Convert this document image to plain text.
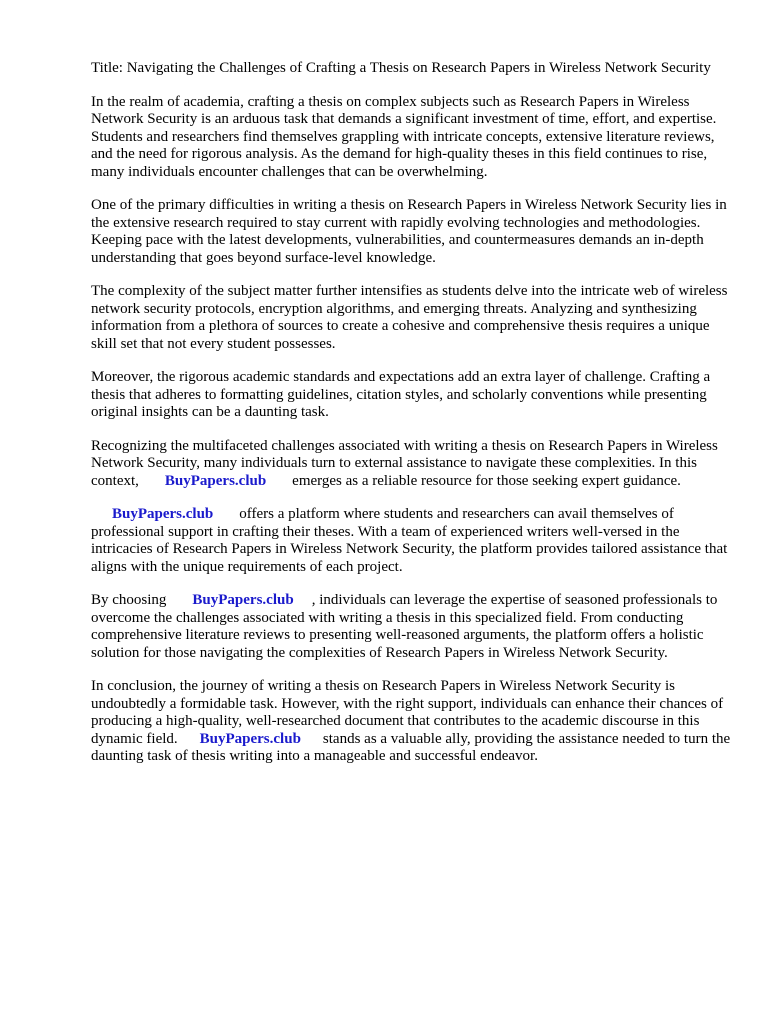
Title: Navigating the Challenges of Crafting a Thesis on Research Papers in Wireless Network Security

In the realm of academia, crafting a thesis on complex subjects such as Research Papers in Wireless Network Security is an arduous task that demands a significant investment of time, effort, and expertise. Students and researchers find themselves grappling with intricate concepts, extensive literature reviews, and the need for rigorous analysis. As the demand for high-quality theses in this field continues to rise, many individuals encounter challenges that can be overwhelming.

One of the primary difficulties in writing a thesis on Research Papers in Wireless Network Security lies in the extensive research required to stay current with rapidly evolving technologies and methodologies. Keeping pace with the latest developments, vulnerabilities, and countermeasures demands an in-depth understanding that goes beyond surface-level knowledge.

The complexity of the subject matter further intensifies as students delve into the intricate web of wireless network security protocols, encryption algorithms, and emerging threats. Analyzing and synthesizing information from a plethora of sources to create a cohesive and comprehensive thesis requires a unique skill set that not every student possesses.

Moreover, the rigorous academic standards and expectations add an extra layer of challenge. Crafting a thesis that adheres to formatting guidelines, citation styles, and scholarly conventions while presenting original insights can be a daunting task.

Recognizing the multifaceted challenges associated with writing a thesis on Research Papers in Wireless Network Security, many individuals turn to external assistance to navigate these complexities. In this context, BuyPapers.club emerges as a reliable resource for those seeking expert guidance.

BuyPapers.club offers a platform where students and researchers can avail themselves of professional support in crafting their theses. With a team of experienced writers well-versed in the intricacies of Research Papers in Wireless Network Security, the platform provides tailored assistance that aligns with the unique requirements of each project.

By choosing BuyPapers.club , individuals can leverage the expertise of seasoned professionals to overcome the challenges associated with writing a thesis in this specialized field. From conducting comprehensive literature reviews to presenting well-reasoned arguments, the platform offers a holistic solution for those navigating the complexities of Research Papers in Wireless Network Security.

In conclusion, the journey of writing a thesis on Research Papers in Wireless Network Security is undoubtedly a formidable task. However, with the right support, individuals can enhance their chances of producing a high-quality, well-researched document that contributes to the academic discourse in this dynamic field. BuyPapers.club stands as a valuable ally, providing the assistance needed to turn the daunting task of thesis writing into a manageable and successful endeavor.
